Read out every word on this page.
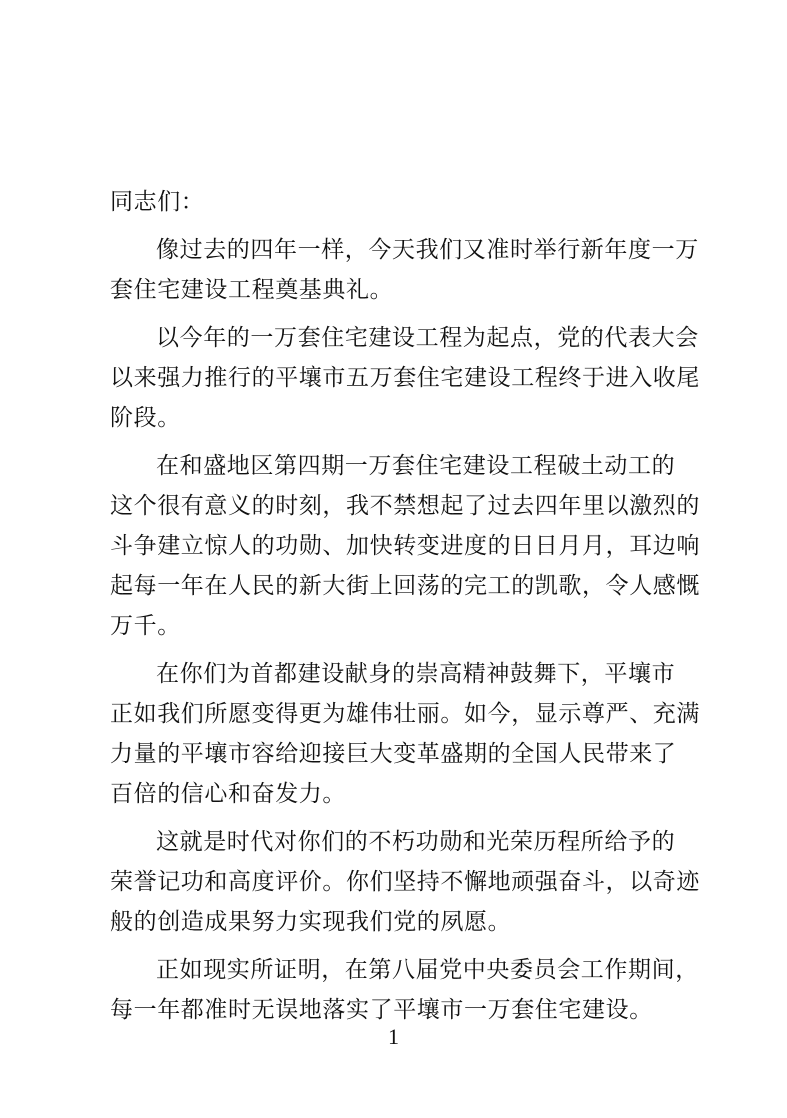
同志们：
像过去的四年一样，今天我们又准时举行新年度一万
套住宅建设工程奠基典礼。
以今年的一万套住宅建设工程为起点，党的代表大会
以来强力推行的平壤市五万套住宅建设工程终于进入收尾
阶段。
在和盛地区第四期一万套住宅建设工程破土动工的
这个很有意义的时刻，我不禁想起了过去四年里以激烈的
斗争建立惊人的功勋、加快转变进度的日日月月，耳边响
起每一年在人民的新大街上回荡的完工的凯歌，令人感慨
万千。
在你们为首都建设献身的崇高精神鼓舞下，平壤市
正如我们所愿变得更为雄伟壮丽。如今，显示尊严、充满
力量的平壤市容给迎接巨大变革盛期的全国人民带来了
百倍的信心和奋发力。
这就是时代对你们的不朽功勋和光荣历程所给予的
荣誉记功和高度评价。你们坚持不懈地顽强奋斗，以奇迹
般的创造成果努力实现我们党的夙愿。
正如现实所证明，在第八届党中央委员会工作期间，
每一年都准时无误地落实了平壤市一万套住宅建设。
1
